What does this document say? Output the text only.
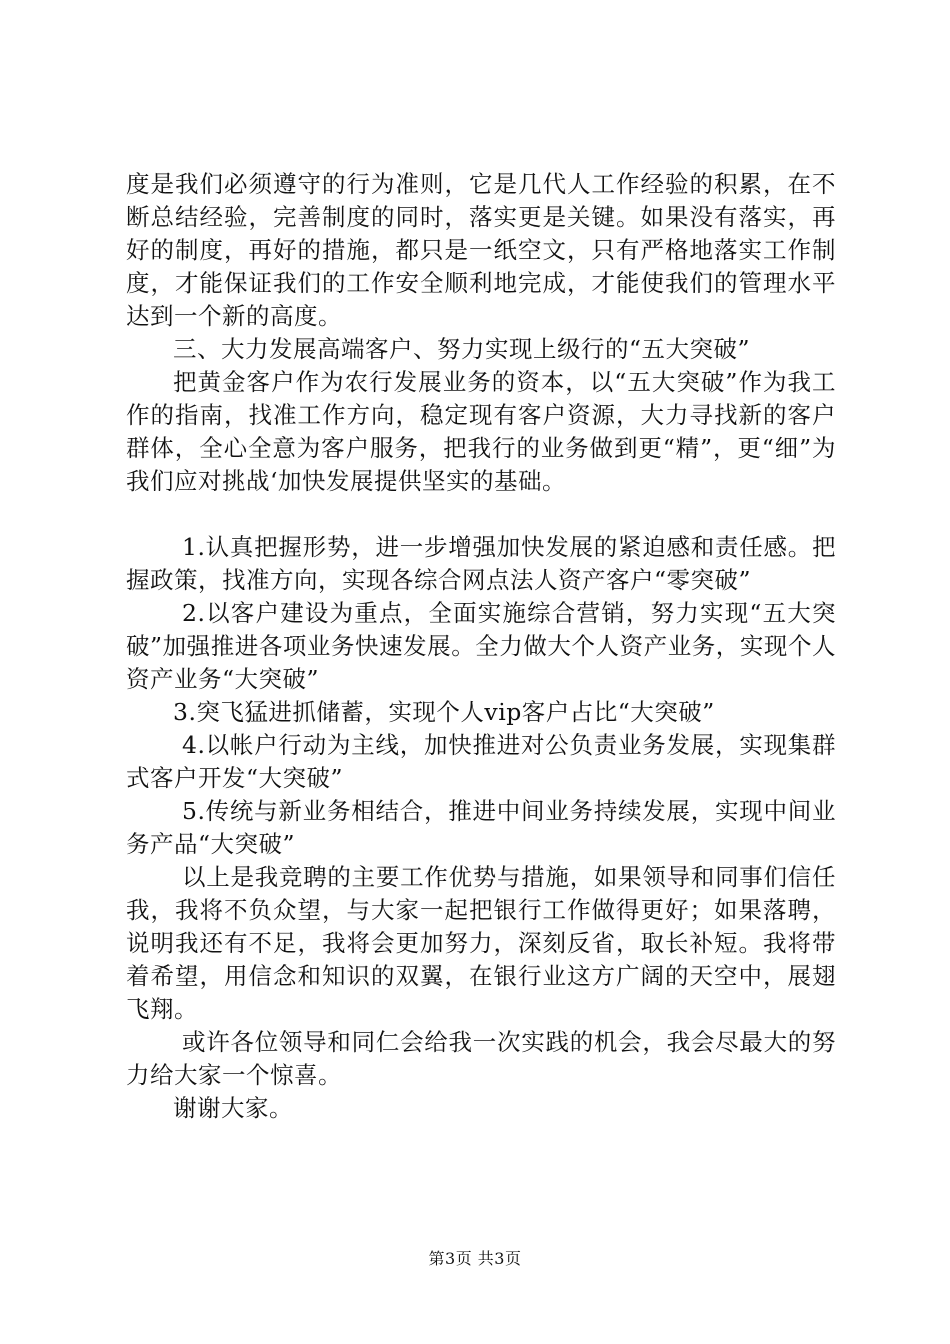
度是我们必须遵守的行为准则，它是几代人工作经验的积累，在不断总结经验，完善制度的同时，落实更是关键。如果没有落实，再好的制度，再好的措施，都只是一纸空文，只有严格地落实工作制度，才能保证我们的工作安全顺利地完成，才能使我们的管理水平达到一个新的高度。

三、大力发展高端客户、努力实现上级行的“五大突破”

把黄金客户作为农行发展业务的资本，以“五大突破”作为我工作的指南，找准工作方向，稳定现有客户资源，大力寻找新的客户群体，全心全意为客户服务，把我行的业务做到更“精”，更“细”为我们应对挑战‘加快发展提供坚实的基础。

1.认真把握形势，进一步增强加快发展的紧迫感和责任感。把握政策，找准方向，实现各综合网点法人资产客户“零突破”

2.以客户建设为重点，全面实施综合营销，努力实现“五大突破”加强推进各项业务快速发展。全力做大个人资产业务，实现个人资产业务“大突破”

3.突飞猛进抓储蓄，实现个人vip客户占比“大突破”

4.以帐户行动为主线，加快推进对公负责业务发展，实现集群式客户开发“大突破”

5.传统与新业务相结合，推进中间业务持续发展，实现中间业务产品“大突破”

以上是我竞聘的主要工作优势与措施，如果领导和同事们信任我，我将不负众望，与大家一起把银行工作做得更好；如果落聘，说明我还有不足，我将会更加努力，深刻反省，取长补短。我将带着希望，用信念和知识的双翼，在银行业这方广阔的天空中，展翅飞翔。

或许各位领导和同仁会给我一次实践的机会，我会尽最大的努力给大家一个惊喜。

谢谢大家。

第3页 共3页
